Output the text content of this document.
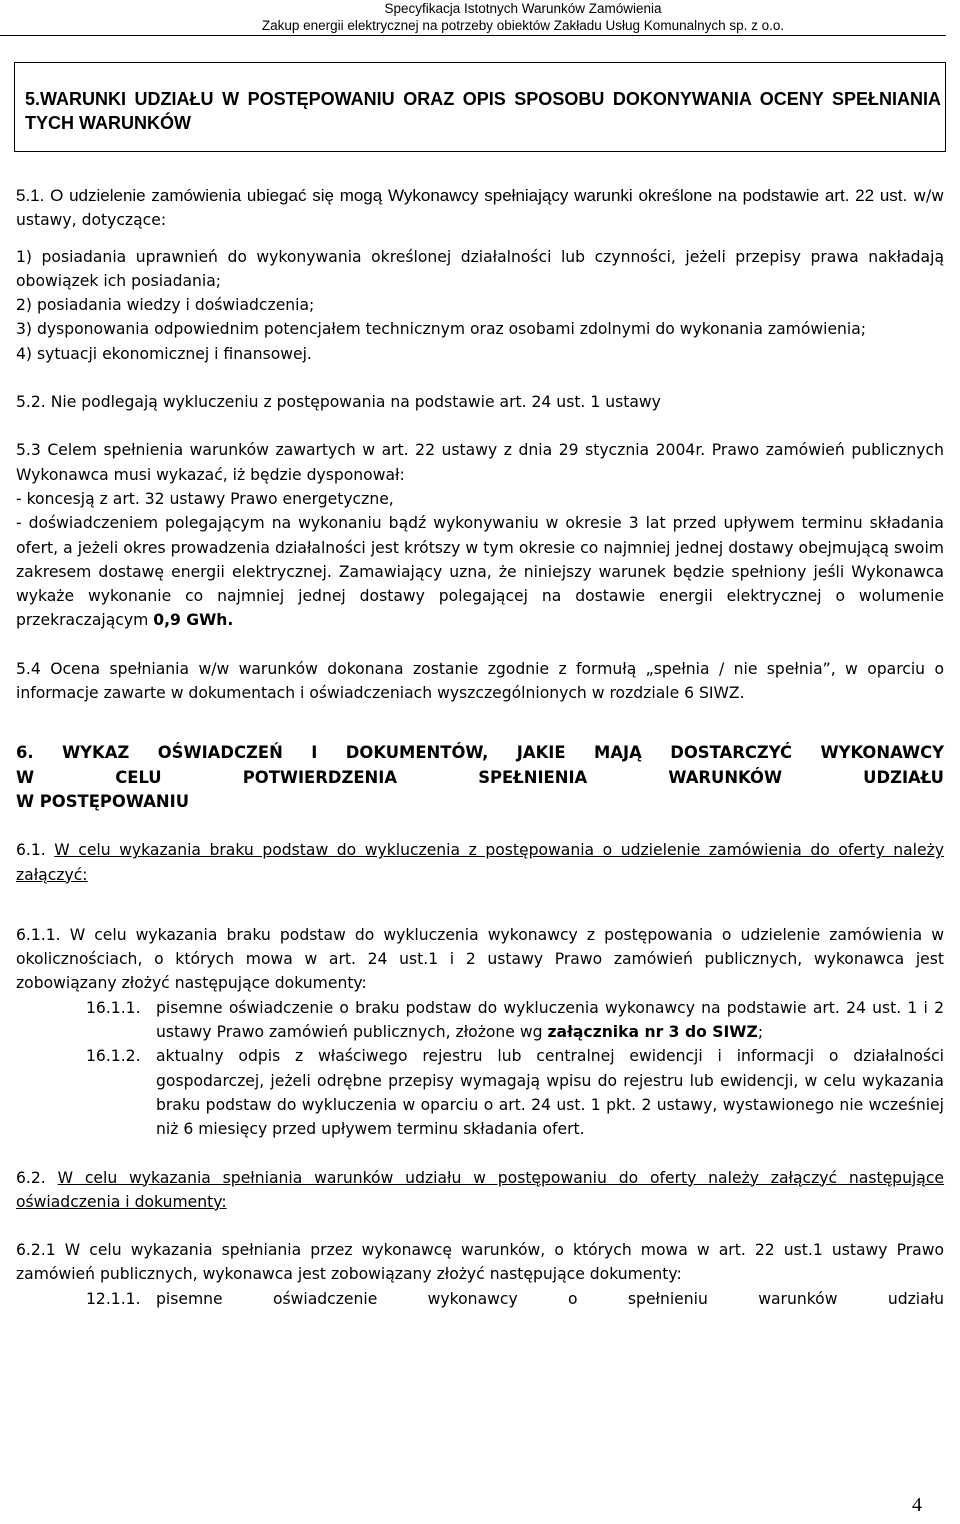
Specyfikacja Istotnych Warunków Zamówienia
Zakup energii elektrycznej na potrzeby obiektów Zakładu Usług Komunalnych sp. z o.o.
5.WARUNKI UDZIAŁU W POSTĘPOWANIU ORAZ OPIS SPOSOBU DOKONYWANIA OCENY SPEŁNIANIA TYCH WARUNKÓW

5.1. O udzielenie zamówienia ubiegać się mogą Wykonawcy spełniający warunki określone na podstawie art. 22 ust. w/w ustawy, dotyczące:

1) posiadania uprawnień do wykonywania określonej działalności lub czynności, jeżeli przepisy prawa nakładają obowiązek ich posiadania;

2) posiadania wiedzy i doświadczenia;

3) dysponowania odpowiednim potencjałem technicznym oraz osobami zdolnymi do wykonania zamówienia;

4) sytuacji ekonomicznej i finansowej.

5.2. Nie podlegają wykluczeniu z postępowania na podstawie art. 24 ust. 1 ustawy

5.3 Celem spełnienia warunków zawartych w art. 22 ustawy z dnia 29 stycznia 2004r. Prawo zamówień publicznych Wykonawca musi wykazać, iż będzie dysponował:

- koncesją z art. 32 ustawy Prawo energetyczne,

- doświadczeniem polegającym na wykonaniu bądź wykonywaniu w okresie 3 lat przed upływem terminu składania ofert, a jeżeli okres prowadzenia działalności jest krótszy w tym okresie co najmniej jednej dostawy obejmującą swoim zakresem dostawę energii elektrycznej. Zamawiający uzna, że niniejszy warunek będzie spełniony jeśli Wykonawca wykaże wykonanie co najmniej jednej dostawy polegającej na dostawie energii elektrycznej o wolumenie przekraczającym 0,9 GWh.

5.4 Ocena spełniania w/w warunków dokonana zostanie zgodnie z formułą „spełnia / nie spełnia”, w oparciu o informacje zawarte w dokumentach i oświadczeniach wyszczególnionych w rozdziale 6 SIWZ.

6. WYKAZ OŚWIADCZEŃ I DOKUMENTÓW, JAKIE MAJĄ DOSTARCZYĆ WYKONAWCY
W CELU POTWIERDZENIA SPEŁNIENIA WARUNKÓW UDZIAŁU
W POSTĘPOWANIU

6.1. W celu wykazania braku podstaw do wykluczenia z postępowania o udzielenie zamówienia do oferty należy załączyć:

6.1.1. W celu wykazania braku podstaw do wykluczenia wykonawcy z postępowania o udzielenie zamówienia w okolicznościach, o których mowa w art. 24 ust.1 i 2 ustawy Prawo zamówień publicznych, wykonawca jest zobowiązany złożyć następujące dokumenty:

16.1.1. pisemne oświadczenie o braku podstaw do wykluczenia wykonawcy na podstawie art. 24 ust. 1 i 2 ustawy Prawo zamówień publicznych, złożone wg załącznika nr 3 do SIWZ;
16.1.2. aktualny odpis z właściwego rejestru lub centralnej ewidencji i informacji o działalności gospodarczej, jeżeli odrębne przepisy wymagają wpisu do rejestru lub ewidencji, w celu wykazania braku podstaw do wykluczenia w oparciu o art. 24 ust. 1 pkt. 2 ustawy, wystawionego nie wcześniej niż 6 miesięcy przed upływem terminu składania ofert.

6.2. W celu wykazania spełniania warunków udziału w postępowaniu do oferty należy załączyć następujące oświadczenia i dokumenty:

6.2.1 W celu wykazania spełniania przez wykonawcę warunków, o których mowa w art. 22 ust.1 ustawy Prawo zamówień publicznych, wykonawca jest zobowiązany złożyć następujące dokumenty:

12.1.1. pisemne oświadczenie wykonawcy o spełnieniu warunków udziału
4
